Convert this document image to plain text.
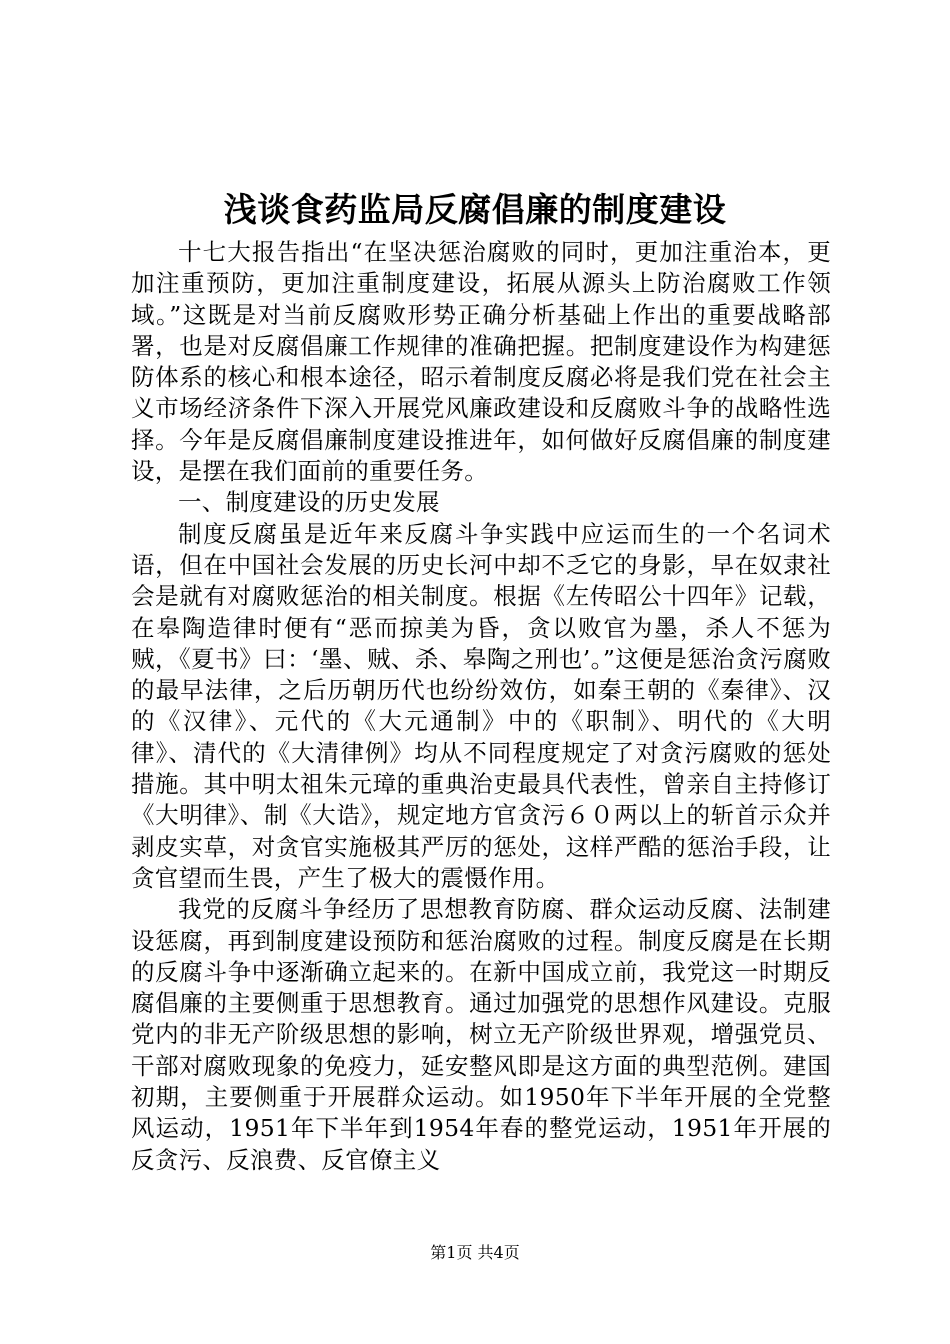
浅谈食药监局反腐倡廉的制度建设

十七大报告指出“在坚决惩治腐败的同时，更加注重治本，更加注重预防，更加注重制度建设，拓展从源头上防治腐败工作领域。”这既是对当前反腐败形势正确分析基础上作出的重要战略部署，也是对反腐倡廉工作规律的准确把握。把制度建设作为构建惩防体系的核心和根本途径，昭示着制度反腐必将是我们党在社会主义市场经济条件下深入开展党风廉政建设和反腐败斗争的战略性选择。今年是反腐倡廉制度建设推进年，如何做好反腐倡廉的制度建设，是摆在我们面前的重要任务。

一、制度建设的历史发展

制度反腐虽是近年来反腐斗争实践中应运而生的一个名词术语，但在中国社会发展的历史长河中却不乏它的身影，早在奴隶社会是就有对腐败惩治的相关制度。根据《左传昭公十四年》记载，在皋陶造律时便有“恶而掠美为昏，贪以败官为墨，杀人不惩为贼，《夏书》曰：‘墨、贼、杀、皋陶之刑也’。”这便是惩治贪污腐败的最早法律，之后历朝历代也纷纷效仿，如秦王朝的《秦律》、汉的《汉律》、元代的《大元通制》中的《职制》、明代的《大明律》、清代的《大清律例》均从不同程度规定了对贪污腐败的惩处措施。其中明太祖朱元璋的重典治吏最具代表性，曾亲自主持修订《大明律》、制《大诰》，规定地方官贪污６０两以上的斩首示众并剥皮实草，对贪官实施极其严厉的惩处，这样严酷的惩治手段，让贪官望而生畏，产生了极大的震慑作用。

我党的反腐斗争经历了思想教育防腐、群众运动反腐、法制建设惩腐，再到制度建设预防和惩治腐败的过程。制度反腐是在长期的反腐斗争中逐渐确立起来的。在新中国成立前，我党这一时期反腐倡廉的主要侧重于思想教育。通过加强党的思想作风建设。克服党内的非无产阶级思想的影响，树立无产阶级世界观，增强党员、干部对腐败现象的免疫力，延安整风即是这方面的典型范例。建国初期，主要侧重于开展群众运动。如1950年下半年开展的全党整风运动，1951年下半年到1954年春的整党运动，1951年开展的反贪污、反浪费、反官僚主义

第1页 共4页
